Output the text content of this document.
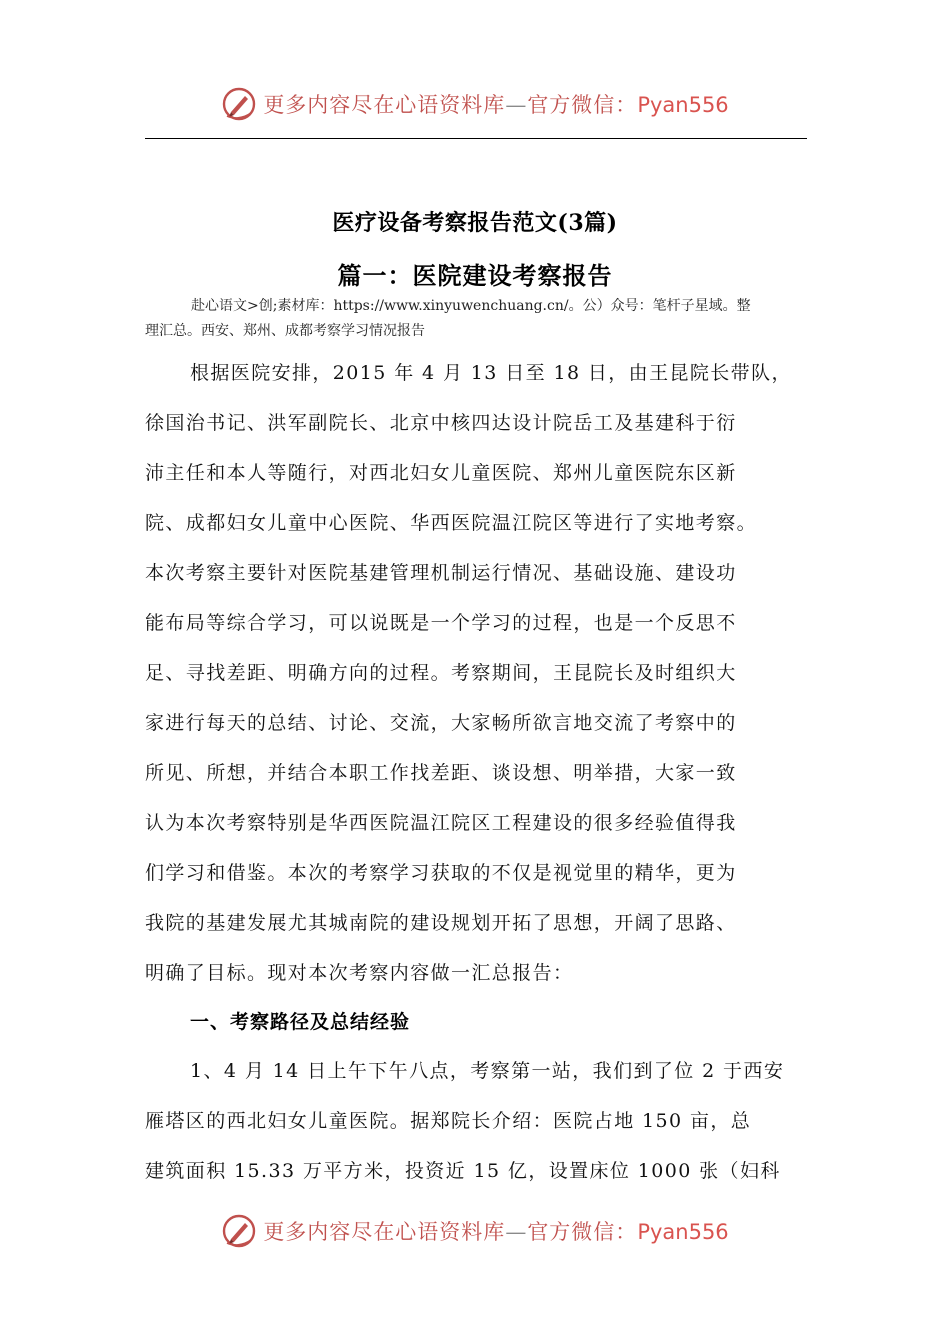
更多内容尽在心语资料库—官方微信：Pyan556
医疗设备考察报告范文(3篇)
篇一：医院建设考察报告
赴心语文>创;素材库：https://www.xinyuwenchuang.cn/。公）众号：笔杆子星域。整
理汇总。西安、郑州、成都考察学习情况报告
根据医院安排，2015 年 4 月 13 日至 18 日，由王昆院长带队，
徐国治书记、洪军副院长、北京中核四达设计院岳工及基建科于衍
沛主任和本人等随行，对西北妇女儿童医院、郑州儿童医院东区新
院、成都妇女儿童中心医院、华西医院温江院区等进行了实地考察。
本次考察主要针对医院基建管理机制运行情况、基础设施、建设功
能布局等综合学习，可以说既是一个学习的过程，也是一个反思不
足、寻找差距、明确方向的过程。考察期间，王昆院长及时组织大
家进行每天的总结、讨论、交流，大家畅所欲言地交流了考察中的
所见、所想，并结合本职工作找差距、谈设想、明举措，大家一致
认为本次考察特别是华西医院温江院区工程建设的很多经验值得我
们学习和借鉴。本次的考察学习获取的不仅是视觉里的精华，更为
我院的基建发展尤其城南院的建设规划开拓了思想，开阔了思路、
明确了目标。现对本次考察内容做一汇总报告：
一、考察路径及总结经验
1、4 月 14 日上午下午八点，考察第一站，我们到了位 2 于西安
雁塔区的西北妇女儿童医院。据郑院长介绍：医院占地 150 亩，总
建筑面积 15.33 万平方米，投资近 15 亿，设置床位 1000 张（妇科
更多内容尽在心语资料库—官方微信：Pyan556
